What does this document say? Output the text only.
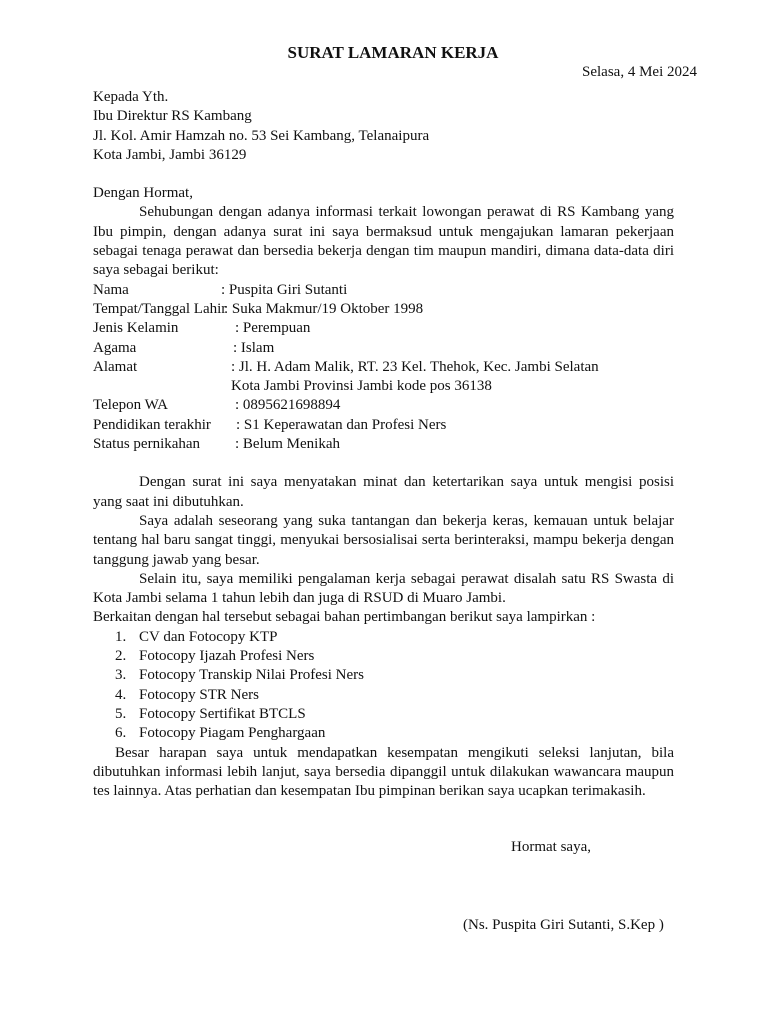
SURAT LAMARAN KERJA
Selasa, 4 Mei 2024
Kepada Yth.
Ibu Direktur RS Kambang
Jl. Kol. Amir Hamzah no. 53 Sei Kambang, Telanaipura
Kota Jambi, Jambi 36129
Dengan Hormat,
Sehubungan dengan adanya informasi terkait lowongan perawat di RS Kambang yang Ibu pimpin, dengan adanya surat ini saya bermaksud untuk mengajukan lamaran pekerjaan sebagai tenaga perawat dan bersedia bekerja dengan tim maupun mandiri, dimana data-data diri saya sebagai berikut:
Nama	: Puspita Giri Sutanti
Tempat/Tanggal Lahir
: Suka Makmur/19 Oktober 1998
Jenis Kelamin	: Perempuan
Agama	: Islam
Alamat	: Jl. H. Adam Malik, RT. 23 Kel. Thehok, Kec. Jambi Selatan
Kota Jambi Provinsi Jambi kode pos 36138
Telepon WA	: 0895621698894
Pendidikan terakhir : S1 Keperawatan dan Profesi Ners
Status pernikahan : Belum Menikah
Dengan surat ini saya menyatakan minat dan ketertarikan saya untuk mengisi posisi yang saat ini dibutuhkan.
Saya adalah seseorang yang suka tantangan dan bekerja keras, kemauan untuk belajar tentang hal baru sangat tinggi, menyukai bersosialisai serta berinteraksi, mampu bekerja dengan tanggung jawab yang besar.
Selain itu, saya memiliki pengalaman kerja sebagai perawat disalah satu RS Swasta di Kota Jambi selama 1 tahun lebih dan juga di RSUD di Muaro Jambi.
Berkaitan dengan hal tersebut sebagai bahan pertimbangan berikut saya lampirkan :
1. CV dan Fotocopy KTP
2. Fotocopy Ijazah Profesi Ners
3. Fotocopy Transkip Nilai Profesi Ners
4. Fotocopy STR Ners
5. Fotocopy Sertifikat BTCLS
6. Fotocopy Piagam Penghargaan
Besar harapan saya untuk mendapatkan kesempatan mengikuti seleksi lanjutan, bila dibutuhkan informasi lebih lanjut, saya bersedia dipanggil untuk dilakukan wawancara maupun tes lainnya. Atas perhatian dan kesempatan Ibu pimpinan berikan saya ucapkan terimakasih.
Hormat saya,
(Ns. Puspita Giri Sutanti, S.Kep )
